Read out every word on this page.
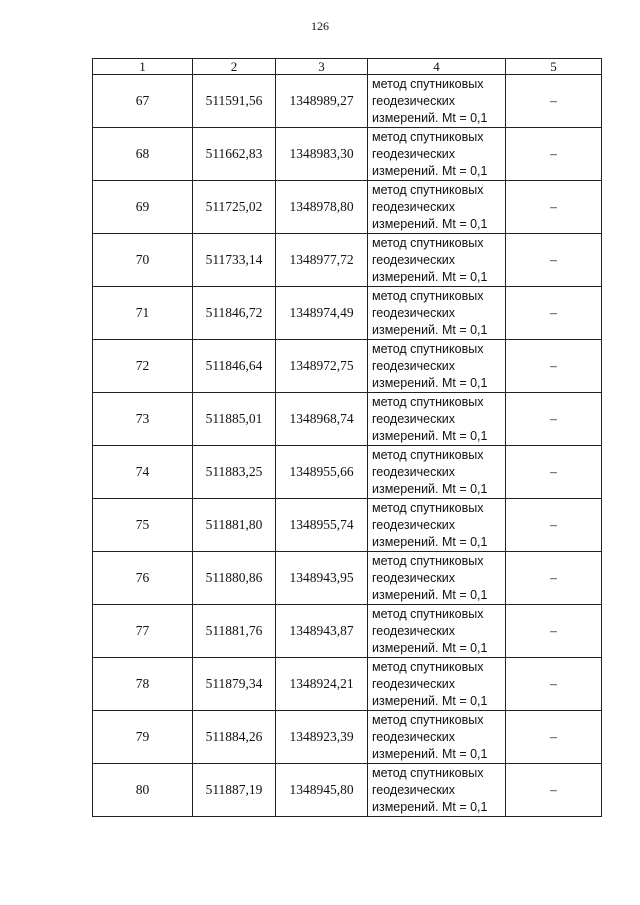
126
1	2	3	4	5
67	511591,56	1348989,27	метод спутниковых
геодезических
измерений. Mt = 0,1	–
68	511662,83	1348983,30	метод спутниковых
геодезических
измерений. Mt = 0,1	–
69	511725,02	1348978,80	метод спутниковых
геодезических
измерений. Mt = 0,1	–
70	511733,14	1348977,72	метод спутниковых
геодезических
измерений. Mt = 0,1	–
71	511846,72	1348974,49	метод спутниковых
геодезических
измерений. Mt = 0,1	–
72	511846,64	1348972,75	метод спутниковых
геодезических
измерений. Mt = 0,1	–
73	511885,01	1348968,74	метод спутниковых
геодезических
измерений. Mt = 0,1	–
74	511883,25	1348955,66	метод спутниковых
геодезических
измерений. Mt = 0,1	–
75	511881,80	1348955,74	метод спутниковых
геодезических
измерений. Mt = 0,1	–
76	511880,86	1348943,95	метод спутниковых
геодезических
измерений. Mt = 0,1	–
77	511881,76	1348943,87	метод спутниковых
геодезических
измерений. Mt = 0,1	–
78	511879,34	1348924,21	метод спутниковых
геодезических
измерений. Mt = 0,1	–
79	511884,26	1348923,39	метод спутниковых
геодезических
измерений. Mt = 0,1	–
80	511887,19	1348945,80	метод спутниковых
геодезических
измерений. Mt = 0,1	–
